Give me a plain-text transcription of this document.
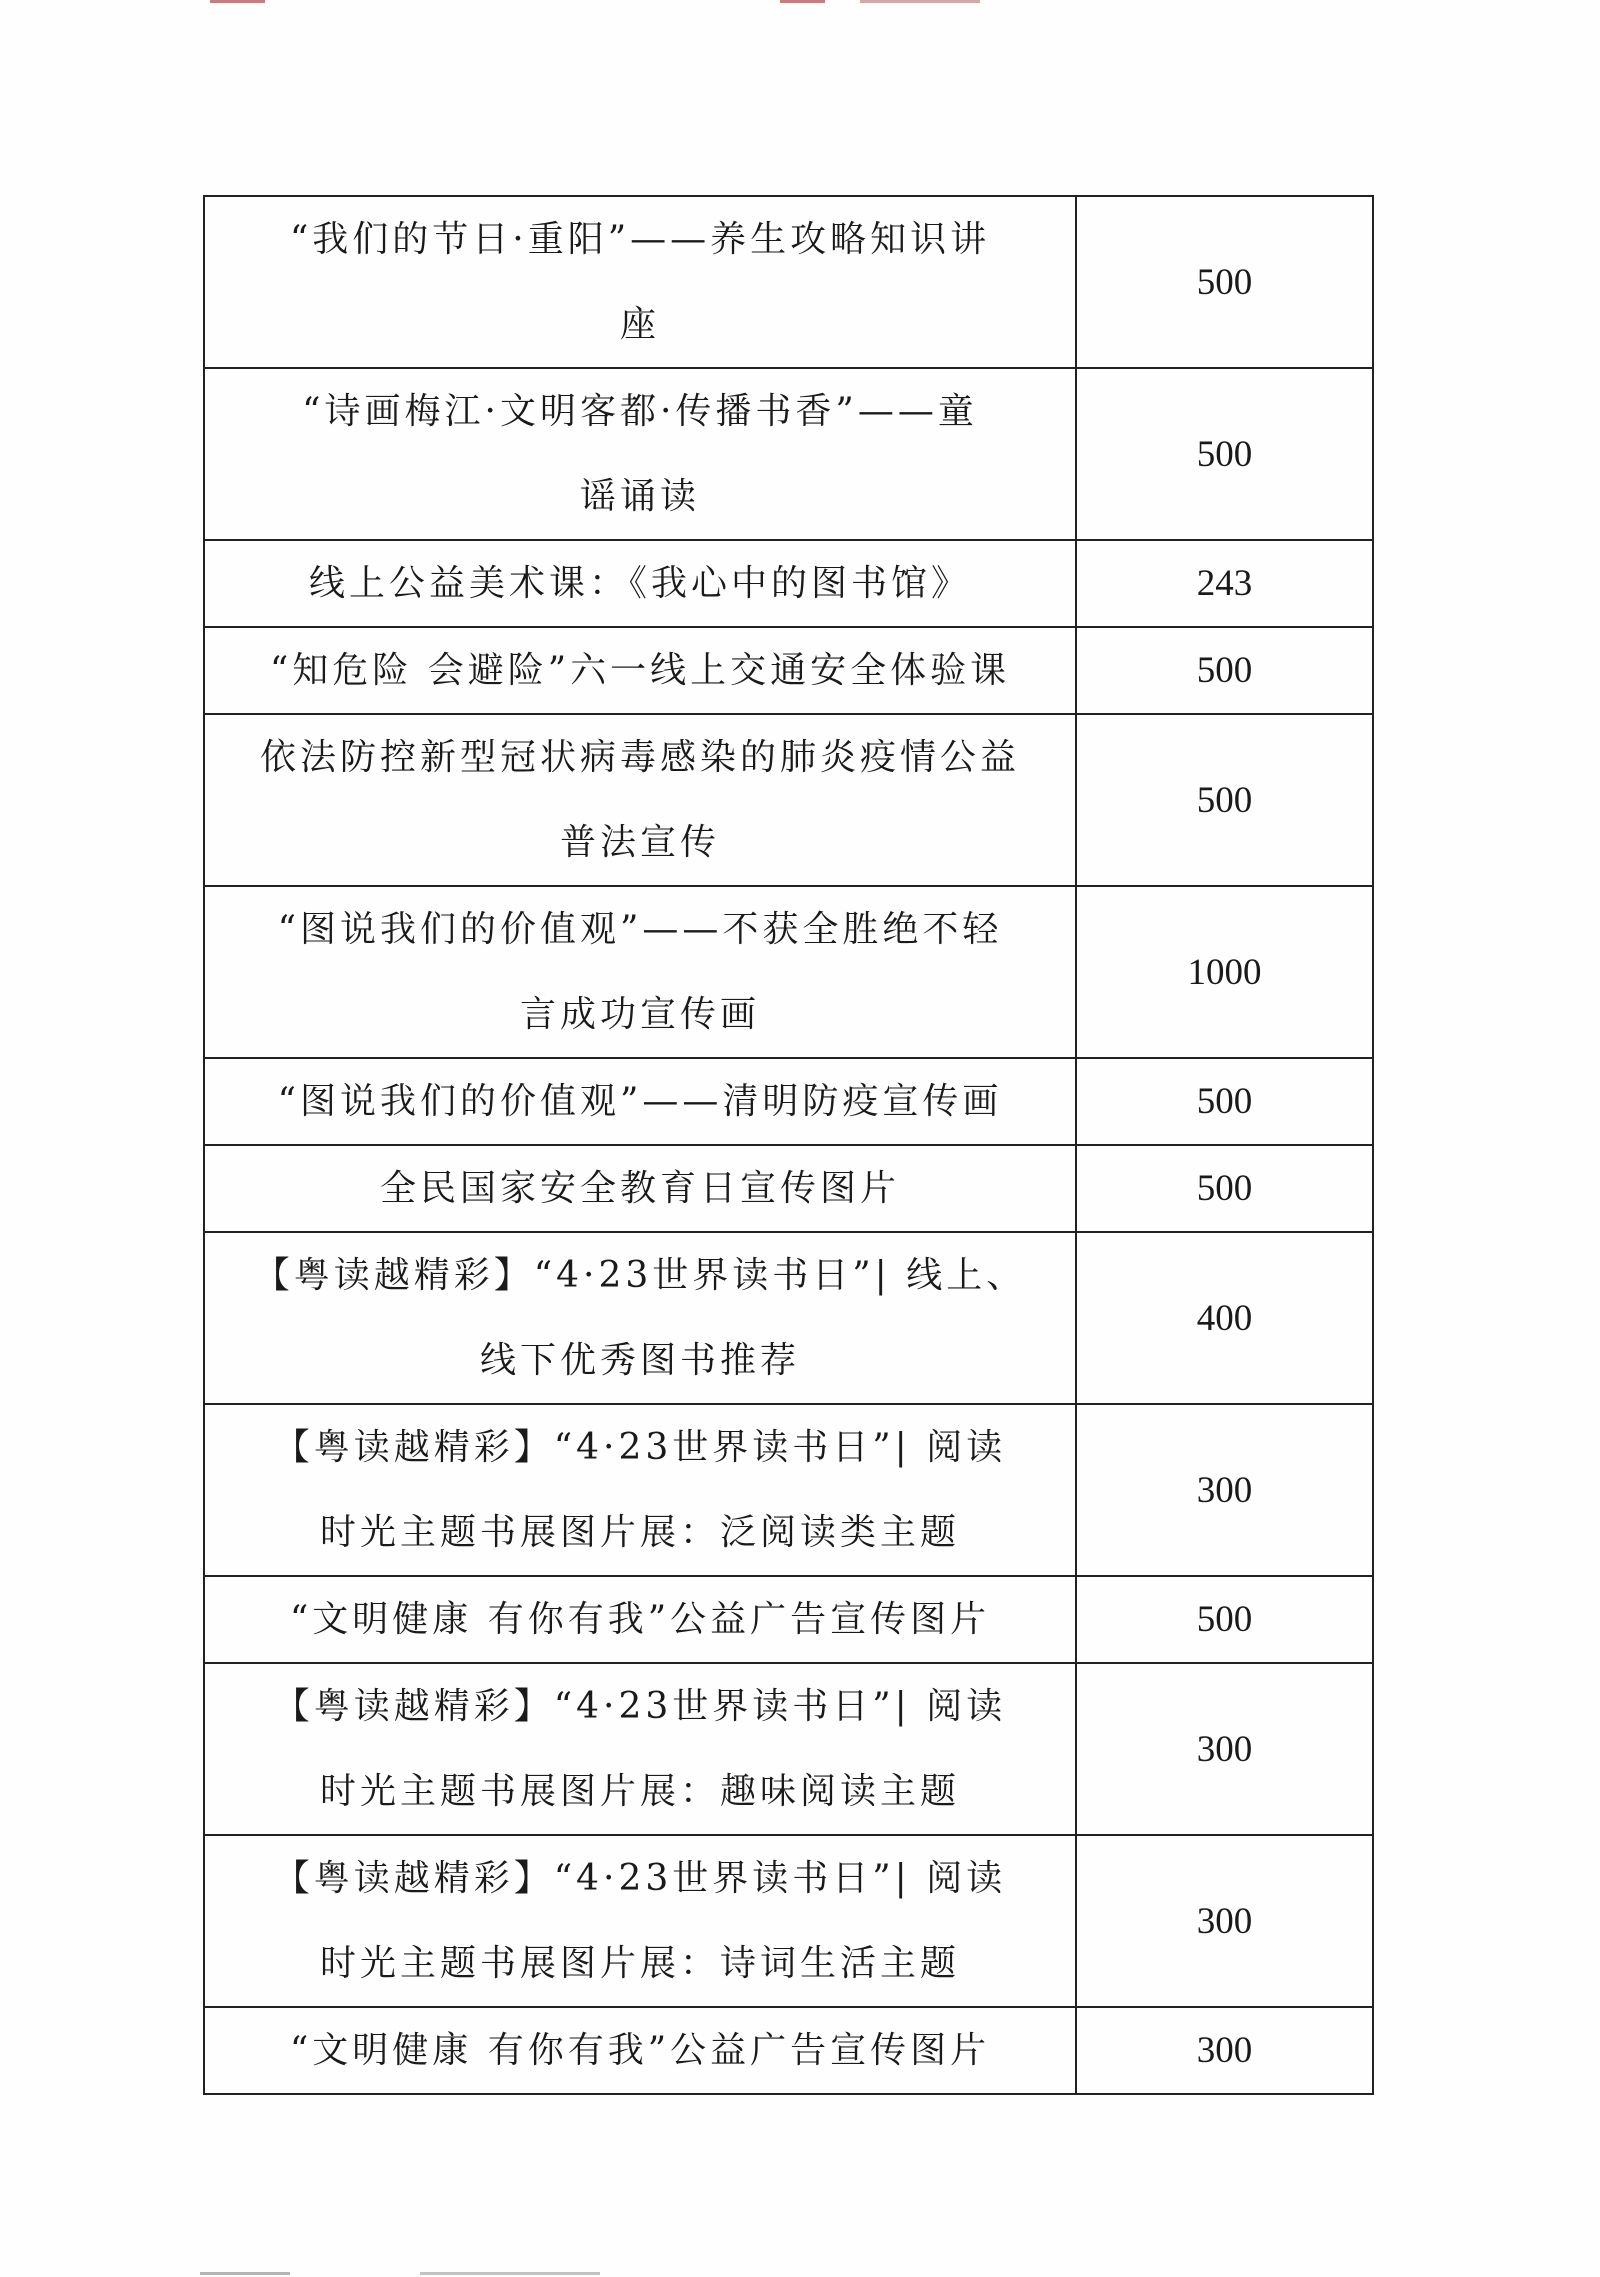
“我们的节日·重阳”——养生攻略知识讲
座	500

“诗画梅江·文明客都·传播书香”——童
谣诵读	500

线上公益美术课：《我心中的图书馆》	243

“知危险 会避险”六一线上交通安全体验课	500

依法防控新型冠状病毒感染的肺炎疫情公益
普法宣传	500

“图说我们的价值观”——不获全胜绝不轻
言成功宣传画	1000

“图说我们的价值观”——清明防疫宣传画	500

全民国家安全教育日宣传图片	500

【粤读越精彩】“4·23世界读书日”| 线上、
线下优秀图书推荐	400

【粤读越精彩】“4·23世界读书日”| 阅读
时光主题书展图片展：泛阅读类主题	300

“文明健康 有你有我”公益广告宣传图片	500

【粤读越精彩】“4·23世界读书日”| 阅读
时光主题书展图片展：趣味阅读主题	300

【粤读越精彩】“4·23世界读书日”| 阅读
时光主题书展图片展：诗词生活主题	300

“文明健康 有你有我”公益广告宣传图片	300
